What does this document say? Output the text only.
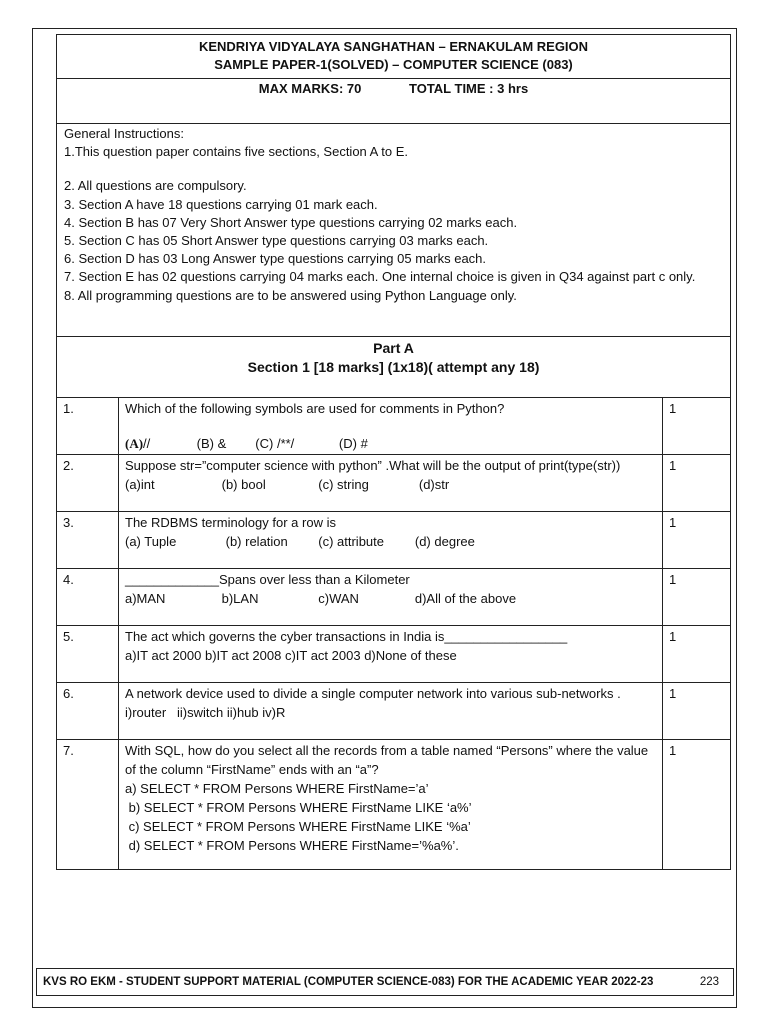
KENDRIYA VIDYALAYA SANGHATHAN – ERNAKULAM REGION
SAMPLE PAPER-1(SOLVED) – COMPUTER SCIENCE (083)
MAX MARKS: 70	TOTAL TIME : 3 hrs
General Instructions:
1.This question paper contains five sections, Section A to E.
2. All questions are compulsory.
3. Section A have 18 questions carrying 01 mark each.
4. Section B has 07 Very Short Answer type questions carrying 02 marks each.
5. Section C has 05 Short Answer type questions carrying 03 marks each.
6. Section D has 03 Long Answer type questions carrying 05 marks each.
7. Section E has 02 questions carrying 04 marks each. One internal choice is given in Q34 against part c only.
8. All programming questions are to be answered using Python Language only.
Part A
Section 1 [18 marks] (1x18)( attempt any 18)
1.	Which of the following symbols are used for comments in Python?
(A)// (B) & (C) /**/ (D) #	1
2.	Suppose str=”computer science with python” .What will be the output of print(type(str))
(a)int (b) bool (c) string (d)str	1
3.	The RDBMS terminology for a row is
(a) Tuple (b) relation (c) attribute (d) degree	1
4.	_____________Spans over less than a Kilometer
a)MAN b)LAN c)WAN d)All of the above	1
5.	The act which governs the cyber transactions in India is_________________
a)IT act 2000 b)IT act 2008 c)IT act 2003 d)None of these	1
6.	A network device used to divide a single computer network into various sub-networks .    i)router   ii)switch ii)hub iv)R	1
7.	With SQL, how do you select all the records from a table named “Persons” where the value of the column “FirstName” ends with an “a”?
a) SELECT * FROM Persons WHERE FirstName=’a’
b) SELECT * FROM Persons WHERE FirstName LIKE ‘a%’
c) SELECT * FROM Persons WHERE FirstName LIKE ‘%a’
d) SELECT * FROM Persons WHERE FirstName=’%a%’.	1
KVS RO EKM - STUDENT SUPPORT MATERIAL (COMPUTER SCIENCE-083) FOR THE ACADEMIC YEAR 2022-23	223
